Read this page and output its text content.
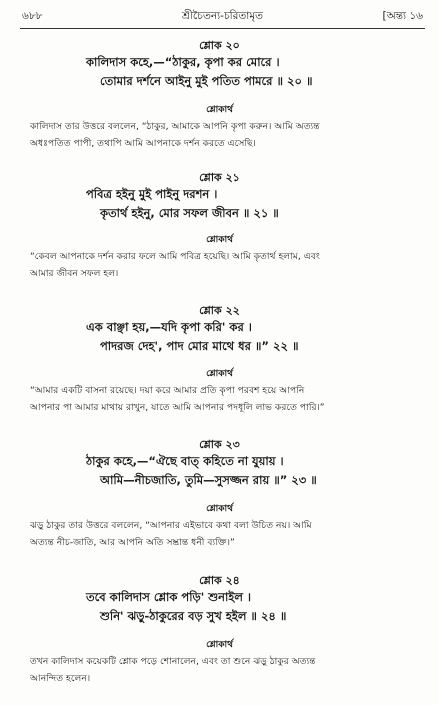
৬৮৮	শ্রীচৈতন্য-চরিতামৃত	[অন্ত্য ১৬
শ্লোক ২০
কালিদাস কহে,—“ঠাকুর, কৃপা কর মোরে ।
তোমার দর্শনে আইনু মুই পতিত পামরে ॥ ২০ ॥
শ্লোকার্থ
কালিদাস তার উত্তরে বললেন, “ঠাকুর, আমাকে আপনি কৃপা করুন। আমি অত্যন্ত
অধঃপতিত পাপী, তথাপি আমি আপনাকে দর্শন করতে এসেছি।
শ্লোক ২১
পবিত্র হইনু মুই পাইনু দরশন ।
কৃতার্থ হইনু, মোর সফল জীবন ॥ ২১ ॥
শ্লোকার্থ
“কেবল আপনাকে দর্শন করার ফলে আমি পবিত্র হয়েছি। আমি কৃতার্থ হলাম, এবং
আমার জীবন সফল হল।
শ্লোক ২২
এক বাঞ্ছা হয়,—যদি কৃপা করি' কর ।
পাদরজ দেহ', পাদ মোর মাথে ধর ॥” ২২ ॥
শ্লোকার্থ
“আমার একটি বাসনা রয়েছে। দয়া করে আমার প্রতি কৃপা পরবশ হয়ে আপনি
আপনার পা আমার মাথায় রাখুন, যাতে আমি আপনার পদধূলি লাভ করতে পারি।”
শ্লোক ২৩
ঠাকুর কহে,—“ঐছে বাত্ কহিতে না যুয়ায় ।
আমি—নীচজাতি, তুমি—সুসজ্জন রায় ॥” ২৩ ॥
শ্লোকার্থ
ঝড়ু ঠাকুর তার উত্তরে বললেন, “আপনার এইভাবে কথা বলা উচিত নয়। আমি
অত্যন্ত নীচ-জাতি, আর আপনি অতি সম্ভ্রান্ত ধনী ব্যক্তি।”
শ্লোক ২৪
তবে কালিদাস শ্লোক পড়ি' শুনাইল ।
শুনি' ঝড়ু-ঠাকুরের বড় সুখ হইল ॥ ২৪ ॥
শ্লোকার্থ
তখন কালিদাস কয়েকটি শ্লোক পড়ে শোনালেন, এবং তা শুনে ঝড়ু ঠাকুর অত্যন্ত
আনন্দিত হলেন।
